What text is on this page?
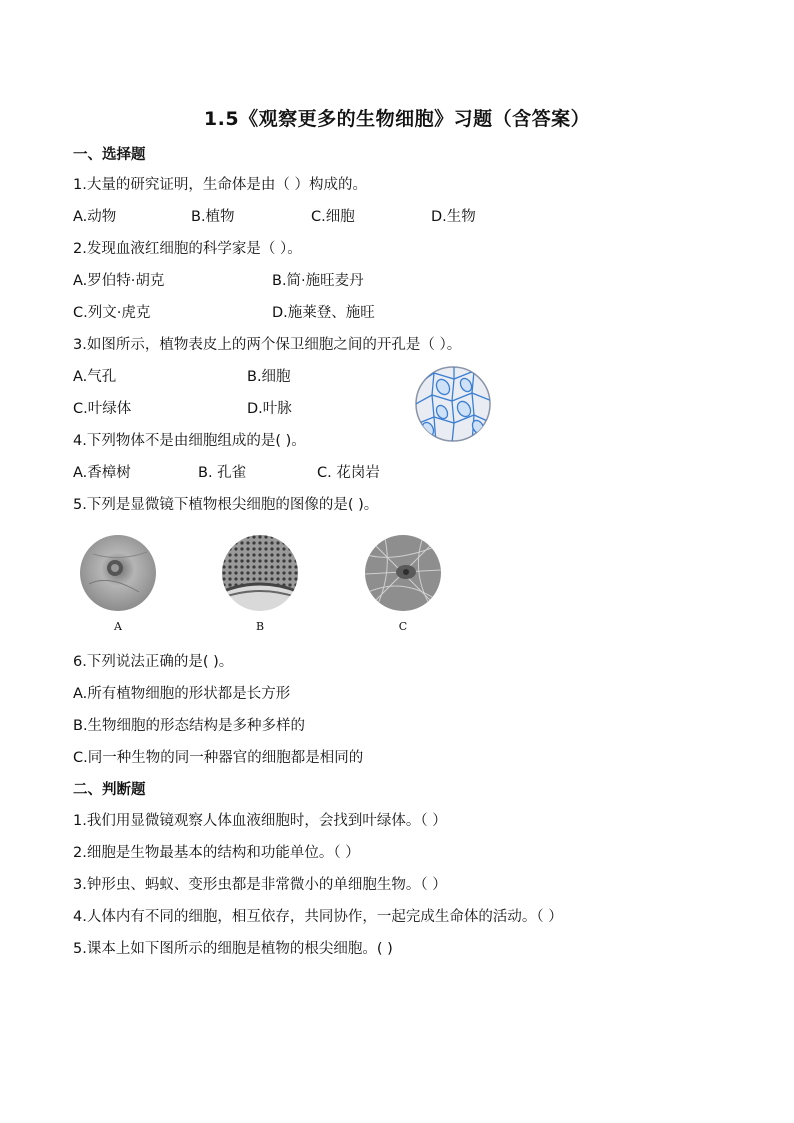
1.5《观察更多的生物细胞》习题（含答案）
一、选择题
1.大量的研究证明，生命体是由（ ）构成的。
A.动物	B.植物	C.细胞	D.生物
2.发现血液红细胞的科学家是（ ）。
A.罗伯特·胡克	B.简·施旺麦丹
C.列文·虎克	D.施莱登、施旺
3.如图所示，植物表皮上的两个保卫细胞之间的开孔是（ ）。
A.气孔	B.细胞
C.叶绿体	D.叶脉
4.下列物体不是由细胞组成的是( )。
A.香樟树	B. 孔雀	C. 花岗岩
5.下列是显微镜下植物根尖细胞的图像的是( )。
A	B	C
6.下列说法正确的是( )。
A.所有植物细胞的形状都是长方形
B.生物细胞的形态结构是多种多样的
C.同一种生物的同一种器官的细胞都是相同的
二、判断题
1.我们用显微镜观察人体血液细胞时，会找到叶绿体。（ ）
2.细胞是生物最基本的结构和功能单位。（ ）
3.钟形虫、蚂蚁、变形虫都是非常微小的单细胞生物。（ ）
4.人体内有不同的细胞，相互依存，共同协作，一起完成生命体的活动。（ ）
5.课本上如下图所示的细胞是植物的根尖细胞。( )
